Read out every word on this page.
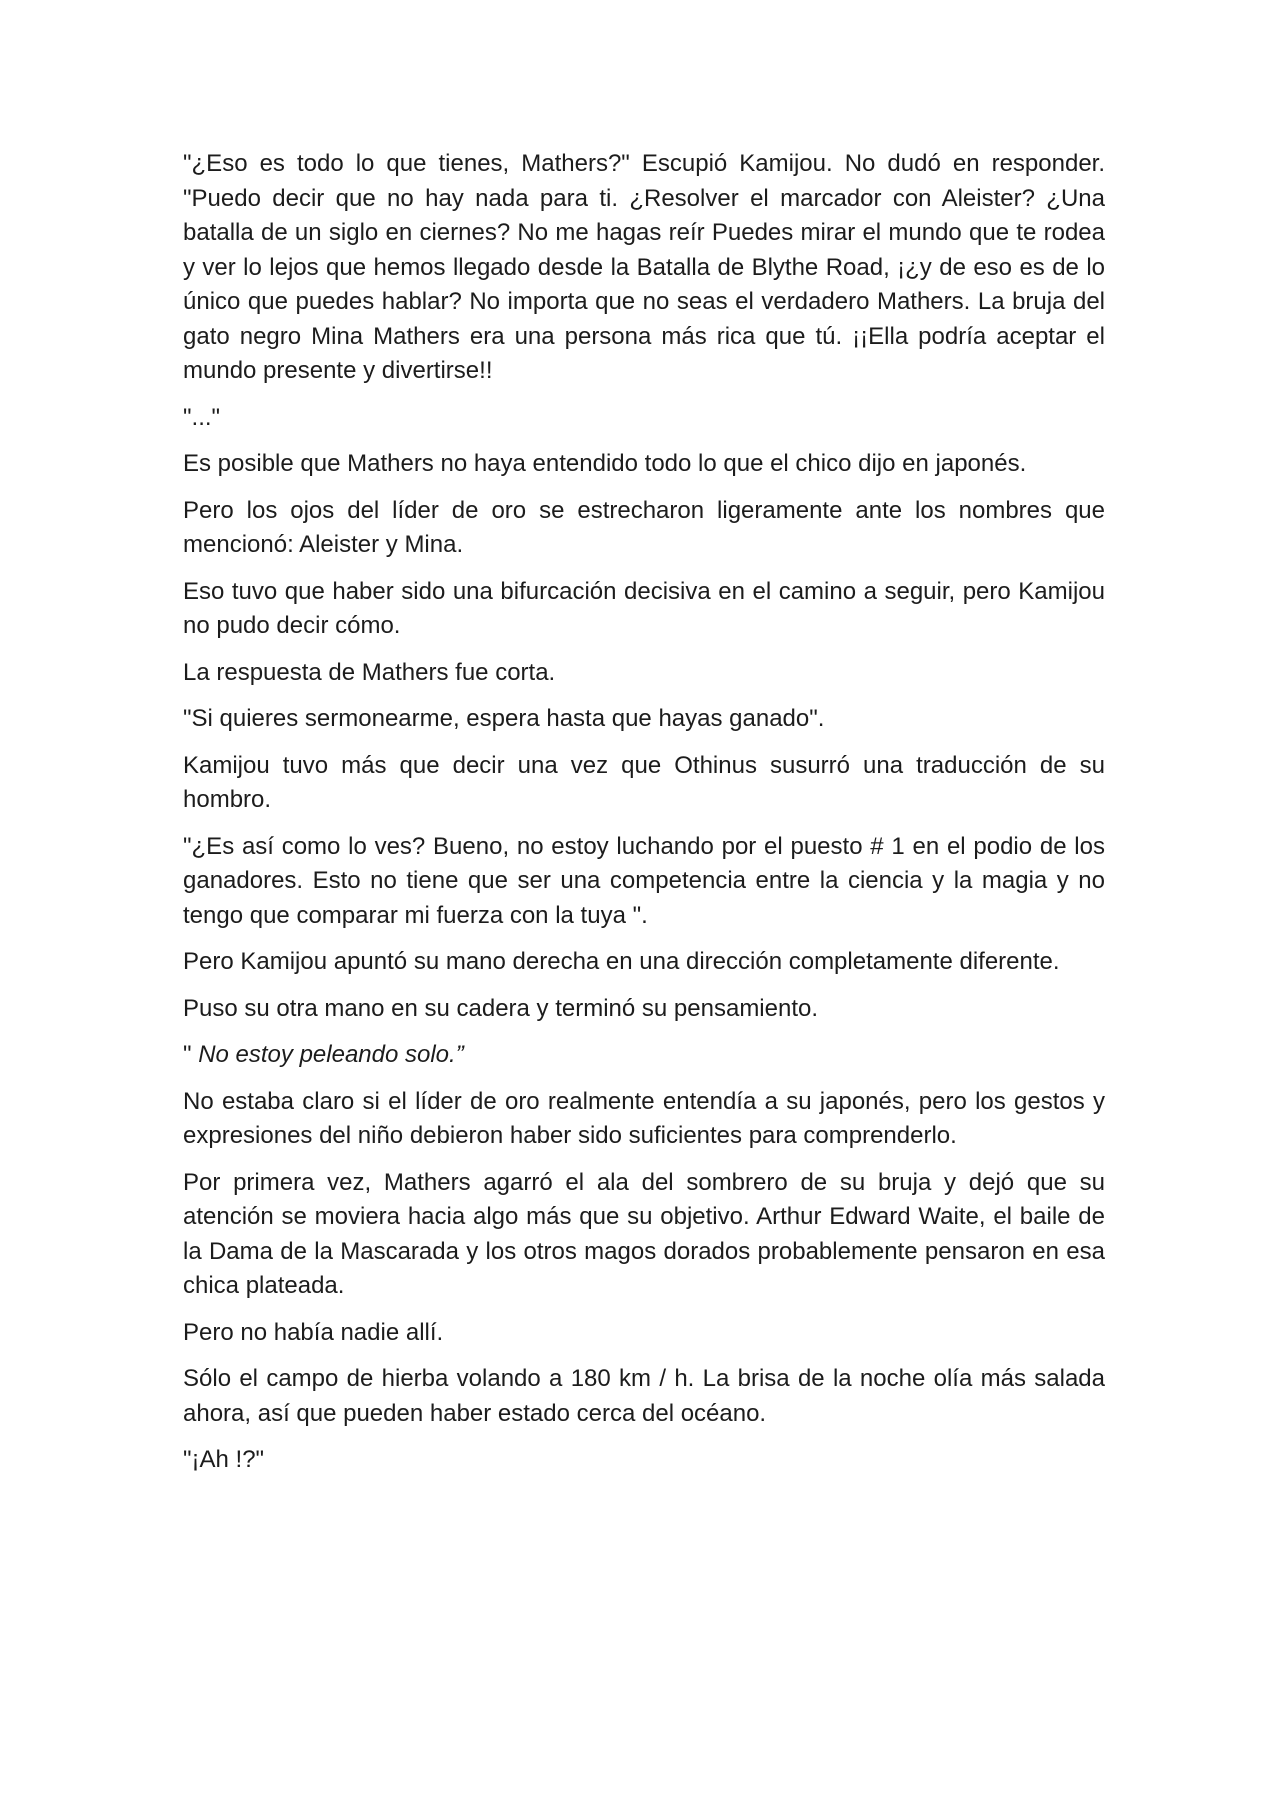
"¿Eso es todo lo que tienes, Mathers?" Escupió Kamijou. No dudó en responder. "Puedo decir que no hay nada para ti. ¿Resolver el marcador con Aleister? ¿Una batalla de un siglo en ciernes? No me hagas reír Puedes mirar el mundo que te rodea y ver lo lejos que hemos llegado desde la Batalla de Blythe Road, ¡¿y de eso es de lo único que puedes hablar? No importa que no seas el verdadero Mathers. La bruja del gato negro Mina Mathers era una persona más rica que tú. ¡¡Ella podría aceptar el mundo presente y divertirse!!

"..."

Es posible que Mathers no haya entendido todo lo que el chico dijo en japonés.

Pero los ojos del líder de oro se estrecharon ligeramente ante los nombres que mencionó: Aleister y Mina.

Eso tuvo que haber sido una bifurcación decisiva en el camino a seguir, pero Kamijou no pudo decir cómo.

La respuesta de Mathers fue corta.

"Si quieres sermonearme, espera hasta que hayas ganado".

Kamijou tuvo más que decir una vez que Othinus susurró una traducción de su hombro.

"¿Es así como lo ves? Bueno, no estoy luchando por el puesto # 1 en el podio de los ganadores. Esto no tiene que ser una competencia entre la ciencia y la magia y no tengo que comparar mi fuerza con la tuya ".

Pero Kamijou apuntó su mano derecha en una dirección completamente diferente.

Puso su otra mano en su cadera y terminó su pensamiento.

" No estoy peleando solo.”

No estaba claro si el líder de oro realmente entendía a su japonés, pero los gestos y expresiones del niño debieron haber sido suficientes para comprenderlo.

Por primera vez, Mathers agarró el ala del sombrero de su bruja y dejó que su atención se moviera hacia algo más que su objetivo. Arthur Edward Waite, el baile de la Dama de la Mascarada y los otros magos dorados probablemente pensaron en esa chica plateada.

Pero no había nadie allí.

Sólo el campo de hierba volando a 180 km / h. La brisa de la noche olía más salada ahora, así que pueden haber estado cerca del océano.

"¡Ah !?"
